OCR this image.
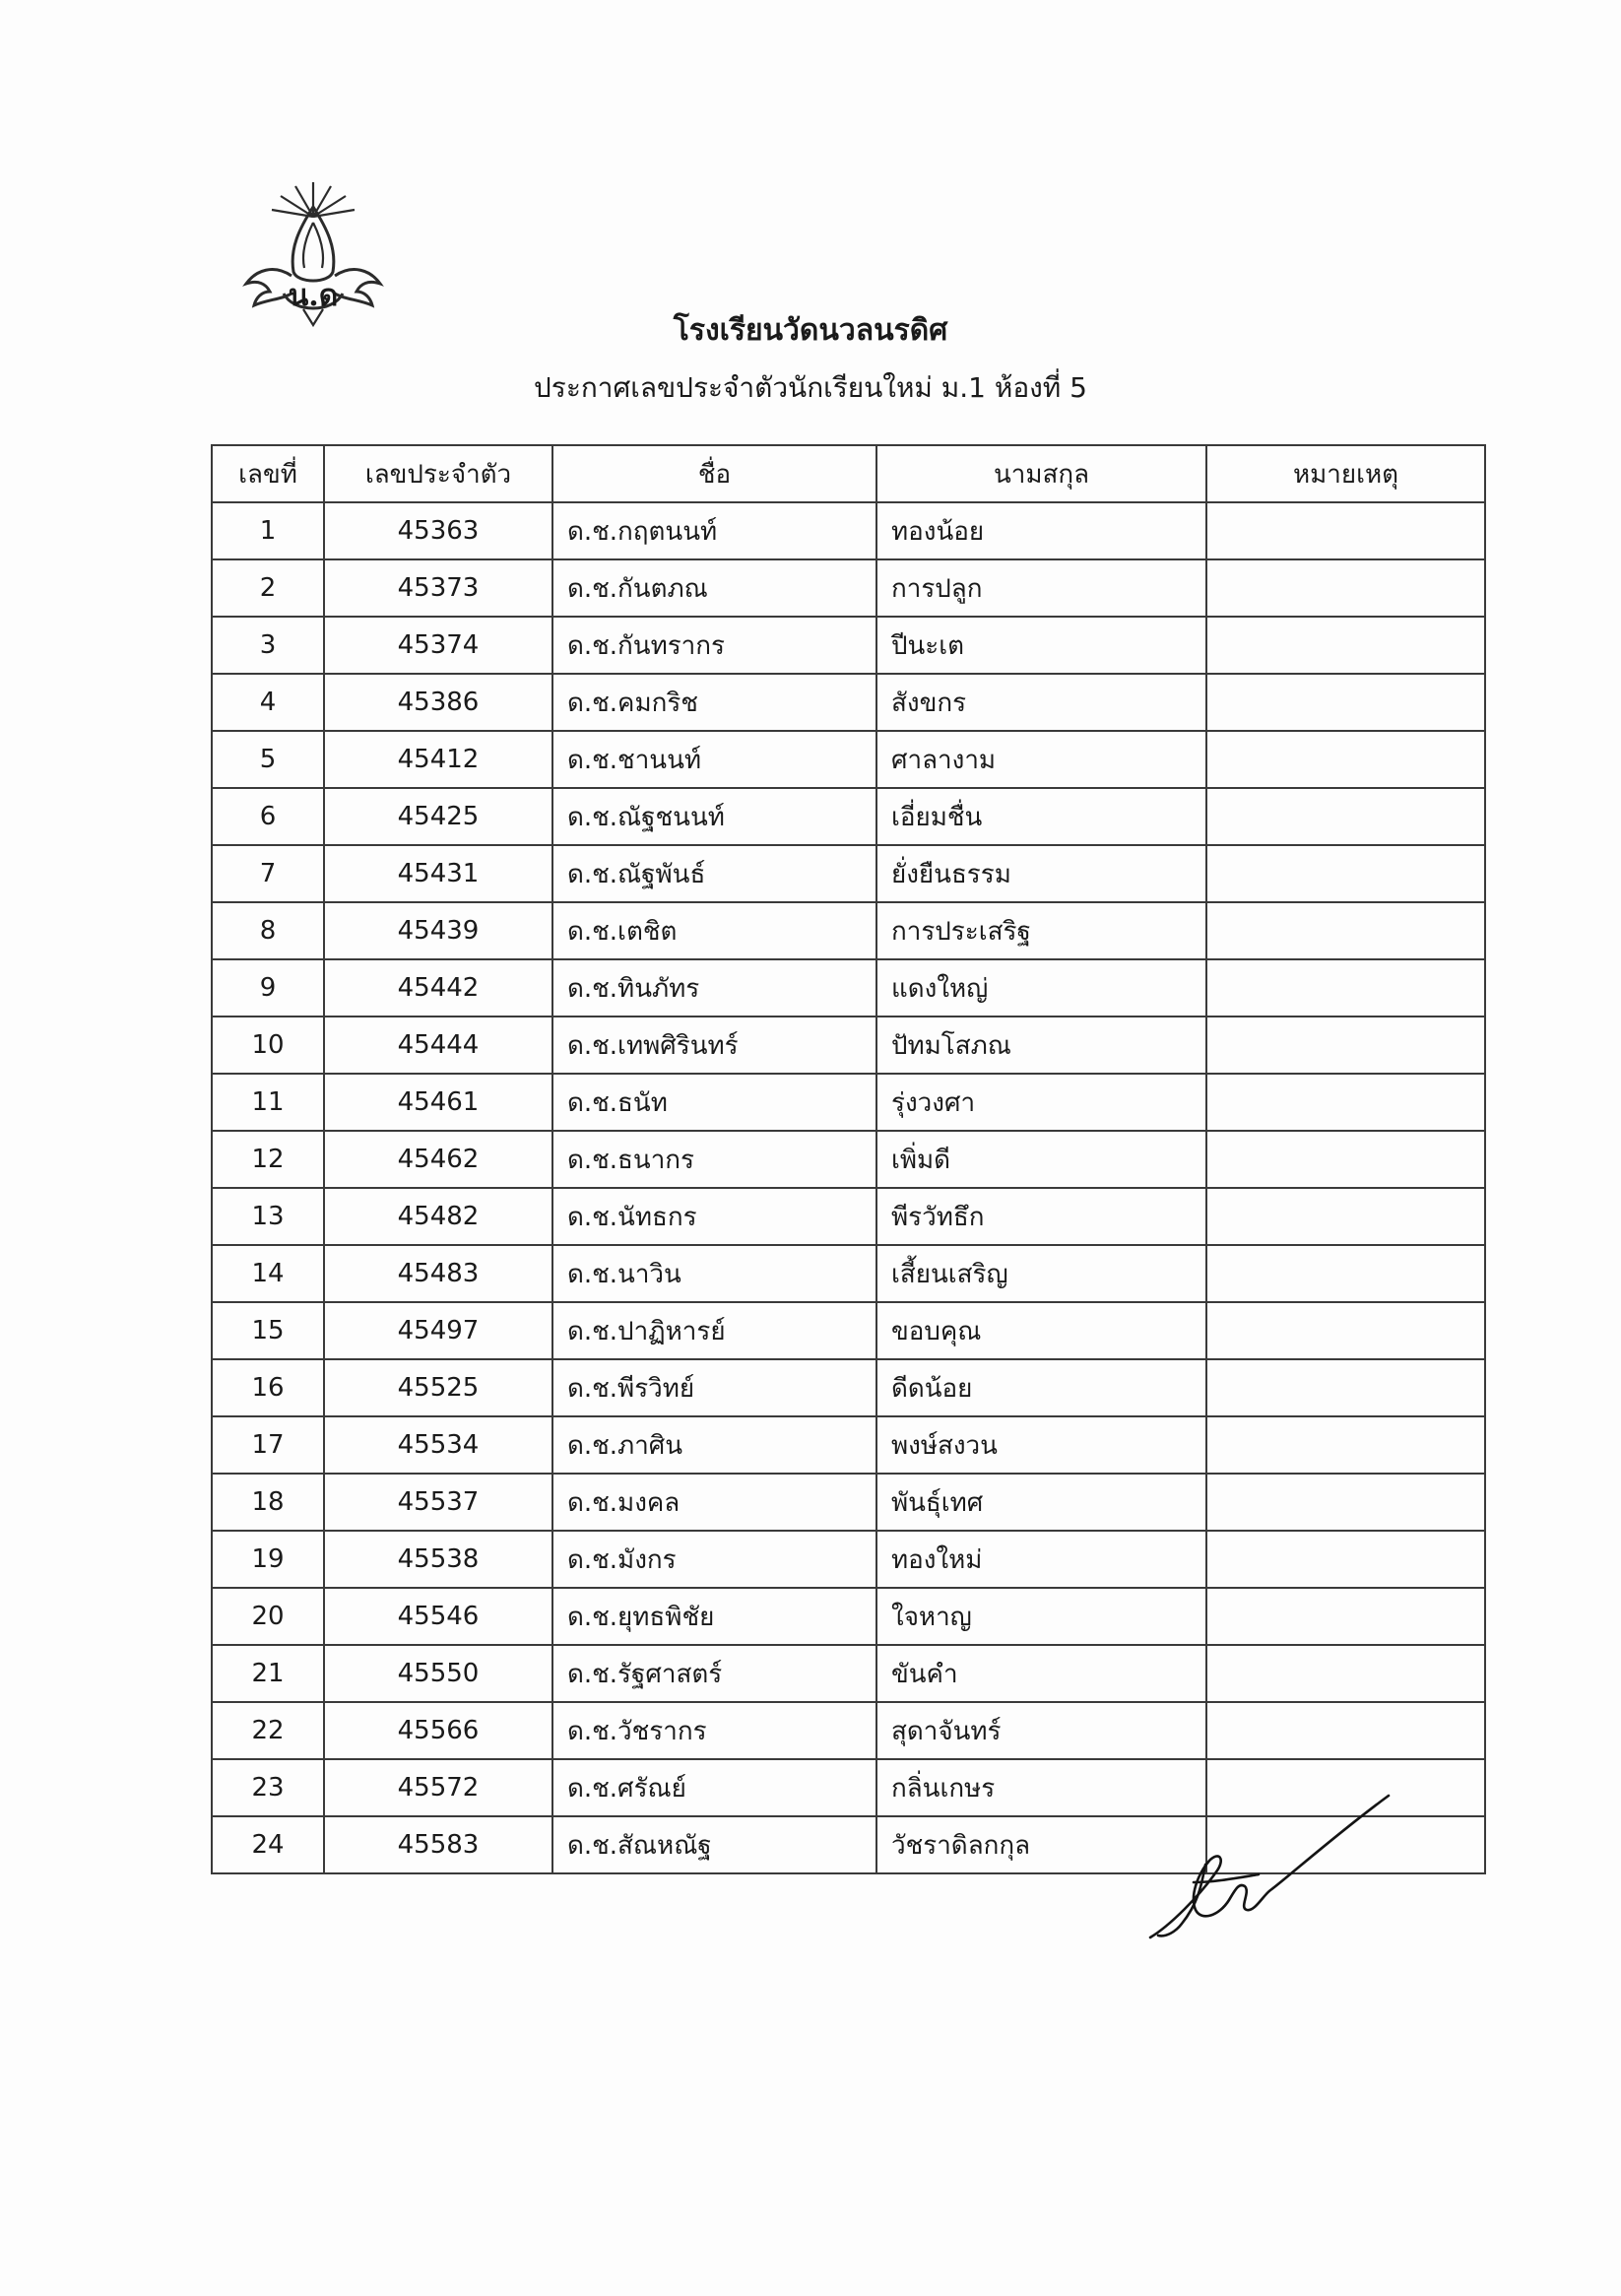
น.ด
โรงเรียนวัดนวลนรดิศ
ประกาศเลขประจำตัวนักเรียนใหม่ ม.1 ห้องที่ 5
เลขที่	เลขประจำตัว	ชื่อ	นามสกุล	หมายเหตุ
1	45363	ด.ช.กฤตนนท์	ทองน้อย	
2	45373	ด.ช.กันตภณ	การปลูก	
3	45374	ด.ช.กันทรากร	ปีนะเต	
4	45386	ด.ช.คมกริช	สังขกร	
5	45412	ด.ช.ชานนท์	ศาลางาม	
6	45425	ด.ช.ณัฐชนนท์	เอี่ยมชื่น	
7	45431	ด.ช.ณัฐพันธ์	ยั่งยืนธรรม	
8	45439	ด.ช.เตชิต	การประเสริฐ	
9	45442	ด.ช.ทินภัทร	แดงใหญ่	
10	45444	ด.ช.เทพศิรินทร์	ปัทมโสภณ	
11	45461	ด.ช.ธนัท	รุ่งวงศา	
12	45462	ด.ช.ธนากร	เพิ่มดี	
13	45482	ด.ช.นัทธกร	พีรวัทธึก	
14	45483	ด.ช.นาวิน	เสี้ยนเสริญ	
15	45497	ด.ช.ปาฏิหารย์	ขอบคุณ	
16	45525	ด.ช.พีรวิทย์	ดีดน้อย	
17	45534	ด.ช.ภาศิน	พงษ์สงวน	
18	45537	ด.ช.มงคล	พันธุ์เทศ	
19	45538	ด.ช.มังกร	ทองใหม่	
20	45546	ด.ช.ยุทธพิชัย	ใจหาญ	
21	45550	ด.ช.รัฐศาสตร์	ขันคำ	
22	45566	ด.ช.วัชรากร	สุดาจันทร์	
23	45572	ด.ช.ศรัณย์	กลิ่นเกษร	
24	45583	ด.ช.สัณหณัฐ	วัชราดิลกกุล	
